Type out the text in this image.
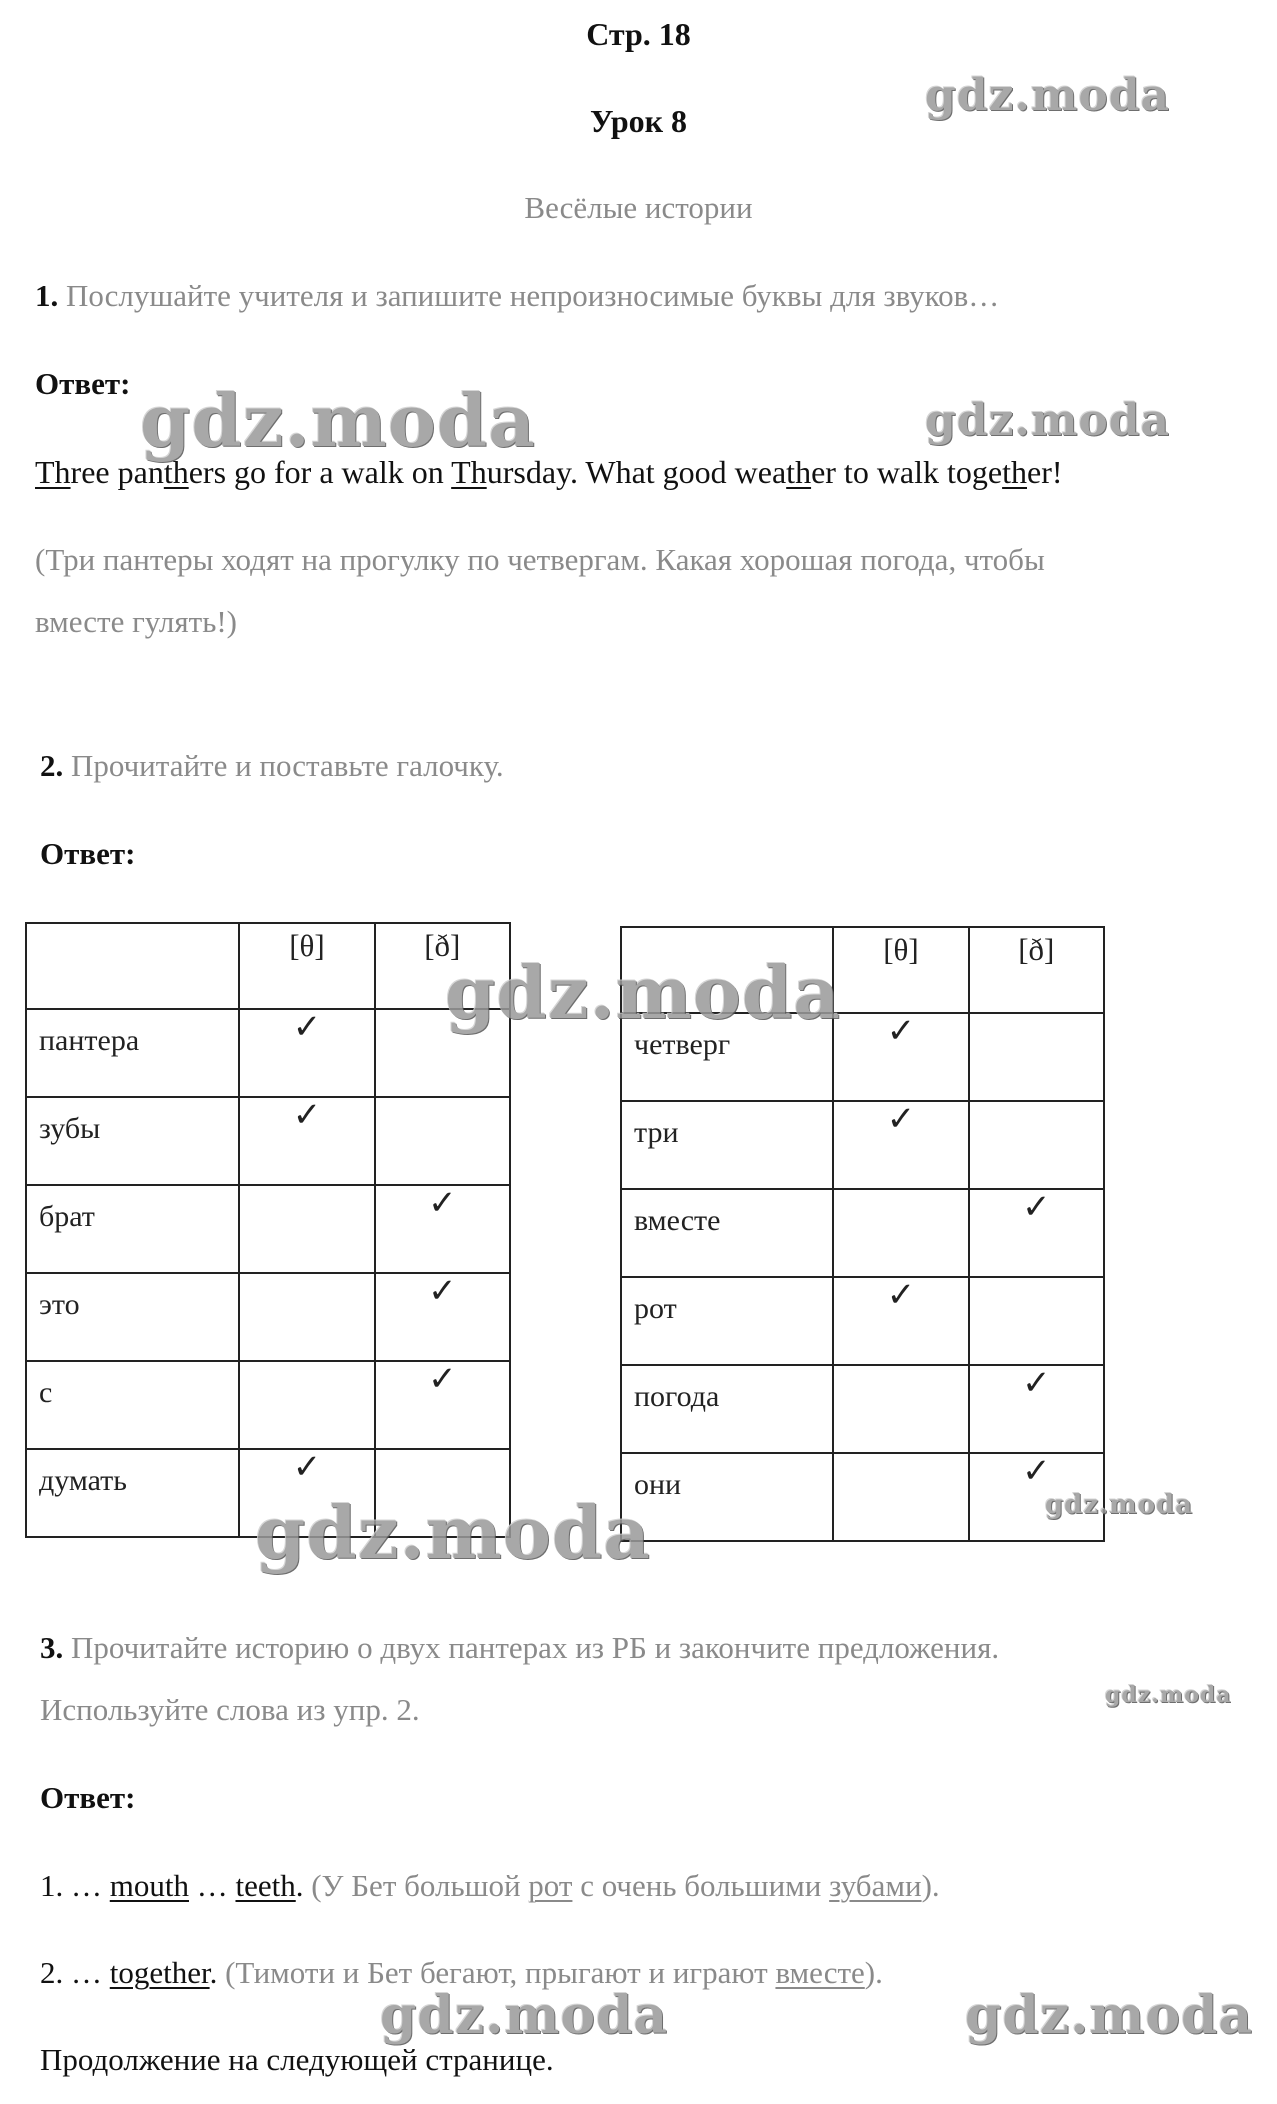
Стр. 18
Урок 8
Весёлые истории
1. Послушайте учителя и запишите непроизносимые буквы для звуков…
Ответ:
Three panthers go for a walk on Thursday. What good weather to walk together!
(Три пантеры ходят на прогулку по четвергам. Какая хорошая погода, чтобы
вместе гулять!)
2. Прочитайте и поставьте галочку.
Ответ:

	[θ]	[ð]

пантера	✓	

зубы	✓	

брат		✓

это		✓

с		✓

думать	✓	

	[θ]	[ð]

четверг	✓	

три	✓	

вместе		✓

рот	✓	

погода		✓

они		✓
3. Прочитайте историю о двух пантерах из РБ и закончите предложения.
Используйте слова из упр. 2.
Ответ:
1. … mouth … teeth. (У Бет большой рот с очень большими зубами).
2. … together. (Тимоти и Бет бегают, прыгают и играют вместе).
Продолжение на следующей странице.
gdz.moda
gdz.moda	gdz.moda
gdz.moda
gdz.moda	gdz.moda
gdz.moda
gdz.moda	gdz.moda
